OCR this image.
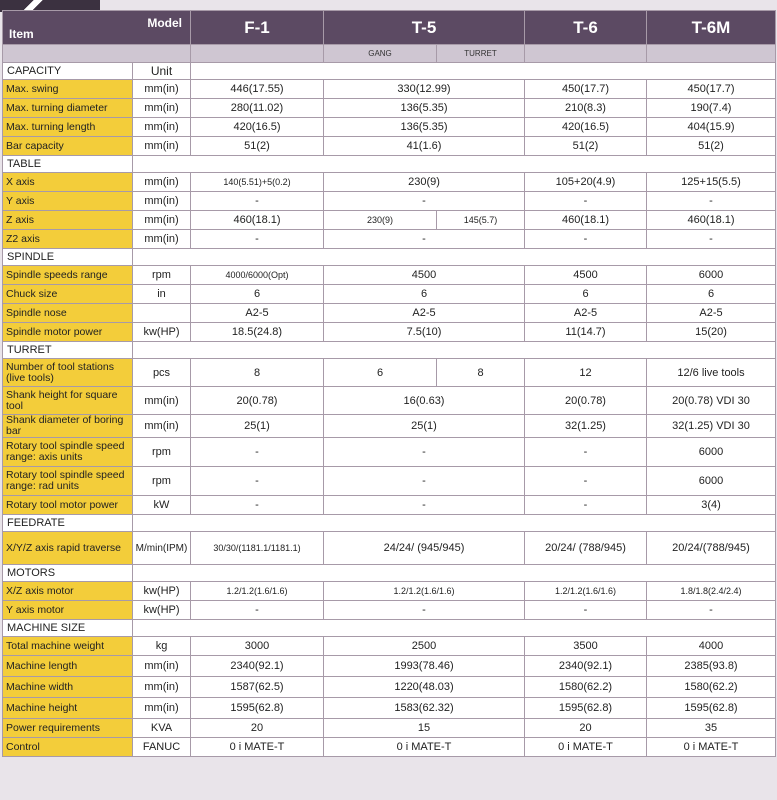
Model
Item		F-1	T-5		T-6	T-6M
			GANG	TURRET		
CAPACITY	Unit					
Max. swing	mm(in)	446(17.55)	330(12.99)		450(17.7)	450(17.7)
Max. turning diameter	mm(in)	280(11.02)	136(5.35)		210(8.3)	190(7.4)
Max. turning length	mm(in)	420(16.5)	136(5.35)		420(16.5)	404(15.9)
Bar capacity	mm(in)	51(2)	41(1.6)		51(2)	51(2)
TABLE						
X axis	mm(in)	140(5.51)+5(0.2)	230(9)		105+20(4.9)	125+15(5.5)
Y axis	mm(in)	-	-		-	-
Z axis	mm(in)	460(18.1)	230(9)	145(5.7)	460(18.1)	460(18.1)
Z2 axis	mm(in)	-	-		-	-
SPINDLE						
Spindle speeds range	rpm	4000/6000(Opt)	4500		4500	6000
Chuck size	in	6	6		6	6
Spindle nose		A2-5	A2-5		A2-5	A2-5
Spindle motor power	kw(HP)	18.5(24.8)	7.5(10)		11(14.7)	15(20)
TURRET						
Number of tool stations (live tools)	pcs	8	6	8	12	12/6 live tools
Shank height for square tool	mm(in)	20(0.78)	16(0.63)		20(0.78)	20(0.78) VDI 30
Shank diameter of boring bar	mm(in)	25(1)	25(1)		32(1.25)	32(1.25) VDI 30
Rotary tool spindle speed range: axis units	rpm	-	-		-	6000
Rotary tool spindle speed range: rad units	rpm	-	-		-	6000
Rotary tool motor power	kW	-	-		-	3(4)
FEEDRATE						
X/Y/Z axis rapid traverse	M/min(IPM)	30/30/(1181.1/1181.1)	24/24/ (945/945)		20/24/ (788/945)	20/24/(788/945)
MOTORS						
X/Z axis motor	kw(HP)	1.2/1.2(1.6/1.6)	1.2/1.2(1.6/1.6)		1.2/1.2(1.6/1.6)	1.8/1.8(2.4/2.4)
Y axis motor	kw(HP)	-	-		-	-
MACHINE SIZE						
Total machine weight	kg	3000	2500		3500	4000
Machine length	mm(in)	2340(92.1)	1993(78.46)		2340(92.1)	2385(93.8)
Machine width	mm(in)	1587(62.5)	1220(48.03)		1580(62.2)	1580(62.2)
Machine height	mm(in)	1595(62.8)	1583(62.32)		1595(62.8)	1595(62.8)
Power requirements	KVA	20	15		20	35
Control	FANUC	0 i MATE-T	0 i MATE-T		0 i MATE-T	0 i MATE-T
